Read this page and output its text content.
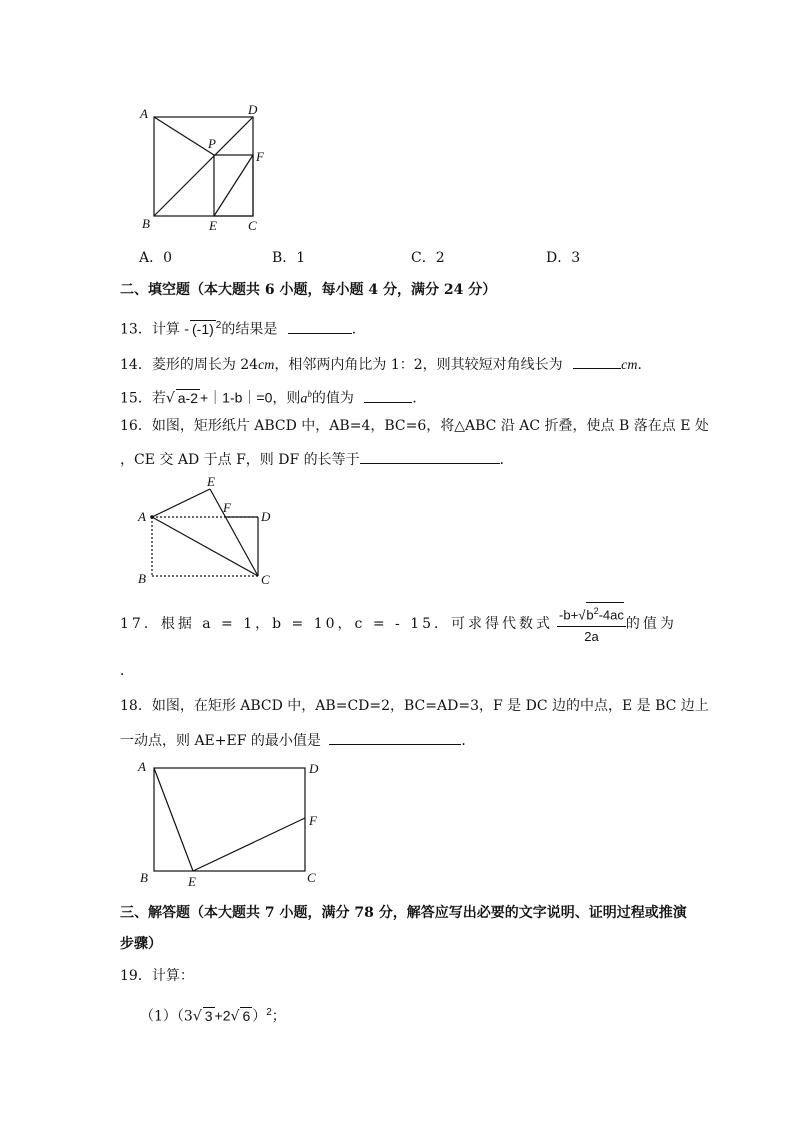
A	D
P
F
B	E C
A．0	B．1	C．2	D．3
二、填空题（本大题共 6 小题，每小题 4 分，满分 24 分）
13．计算 - (-1) $^2$的结果是	．
14．菱形的周长为 24cm，相邻两内角比为 1：2，则其较短对角线长为	cm．
15．若√ a-2 +｜1-b｜=0，则$a^b$的值为	．
16．如图，矩形纸片 ABCD 中，AB=4，BC=6，将△ABC 沿 AC 折叠，使点 B 落在点 E 处
，CE 交 AD 于点 F，则 DF 的长等于	．
A
E
F
D
B	C
17．根据 a = 1，b = 10，c = - 15．可求得代数式 $\frac{-b+√b^2-4ac}{2a}$ 的值为
．
18．如图，在矩形 ABCD 中，AB=CD=2，BC=AD=3，F 是 DC 边的中点，E 是 BC 边上
一动点，则 AE+EF 的最小值是	．
A	D
F
B	E	C
三、解答题（本大题共 7 小题，满分 78 分，解答应写出必要的文字说明、证明过程或推演
步骤）
19．计算：
（1）（3√ 3 +2√ 6 ）$^2$；
